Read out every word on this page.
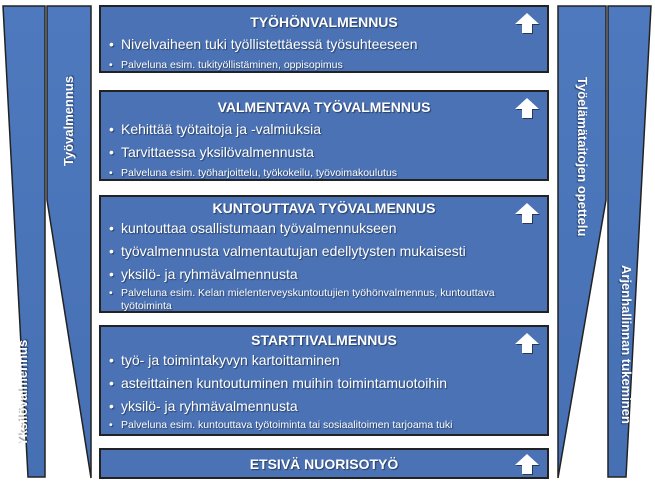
Työvalmennus
Yksilövalmennus
Työelämätaitojen opettelu
Arjenhallinnan tukeminen
TYÖHÖNVALMENNUS
• Nivelvaiheen tuki työllistettäessä työsuhteeseen
• Palveluna esim. tukityöllistäminen, oppisopimus
VALMENTAVA TYÖVALMENNUS
• Kehittää työtaitoja ja -valmiuksia
• Tarvittaessa yksilövalmennusta
• Palveluna esim. työharjoittelu, työkokeilu, työvoimakoulutus
KUNTOUTTAVA TYÖVALMENNUS
• kuntouttaa osallistumaan työvalmennukseen
• työvalmennusta valmentautujan edellytysten mukaisesti
• yksilö- ja ryhmävalmennusta
• Palveluna esim. Kelan mielenterveyskuntoutujien työhönvalmennus, kuntouttava työtoiminta
STARTTIVALMENNUS
• työ- ja toimintakyvyn kartoittaminen
• asteittainen kuntoutuminen muihin toimintamuotoihin
• yksilö- ja ryhmävalmennusta
• Palveluna esim. kuntouttava työtoiminta tai sosiaalitoimen tarjoama tuki
ETSIVÄ NUORISOTYÖ
